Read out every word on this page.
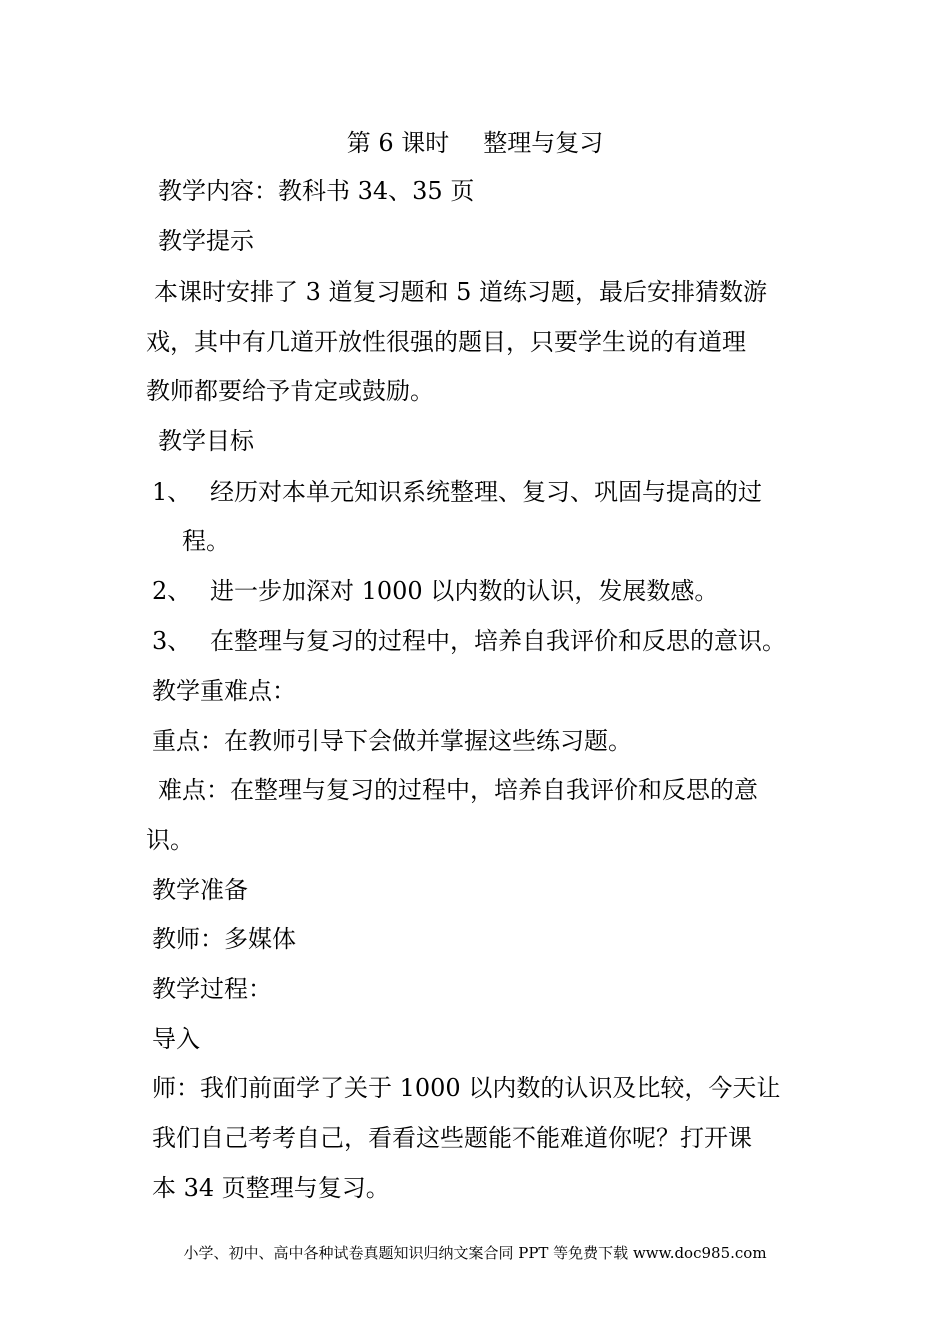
第 6 课时 整理与复习
教学内容：教科书 34、35 页
教学提示
本课时安排了 3 道复习题和 5 道练习题，最后安排猜数游
戏，其中有几道开放性很强的题目，只要学生说的有道理
教师都要给予肯定或鼓励。
教学目标
1、 经历对本单元知识系统整理、复习、巩固与提高的过
程。
2、 进一步加深对 1000 以内数的认识，发展数感。
3、 在整理与复习的过程中，培养自我评价和反思的意识。
教学重难点：
重点：在教师引导下会做并掌握这些练习题。
难点：在整理与复习的过程中，培养自我评价和反思的意
识。
教学准备
教师：多媒体
教学过程：
导入
师：我们前面学了关于 1000 以内数的认识及比较，今天让
我们自己考考自己，看看这些题能不能难道你呢？打开课
本 34 页整理与复习。
小学、初中、高中各种试卷真题知识归纳文案合同 PPT 等免费下载 www.doc985.com
